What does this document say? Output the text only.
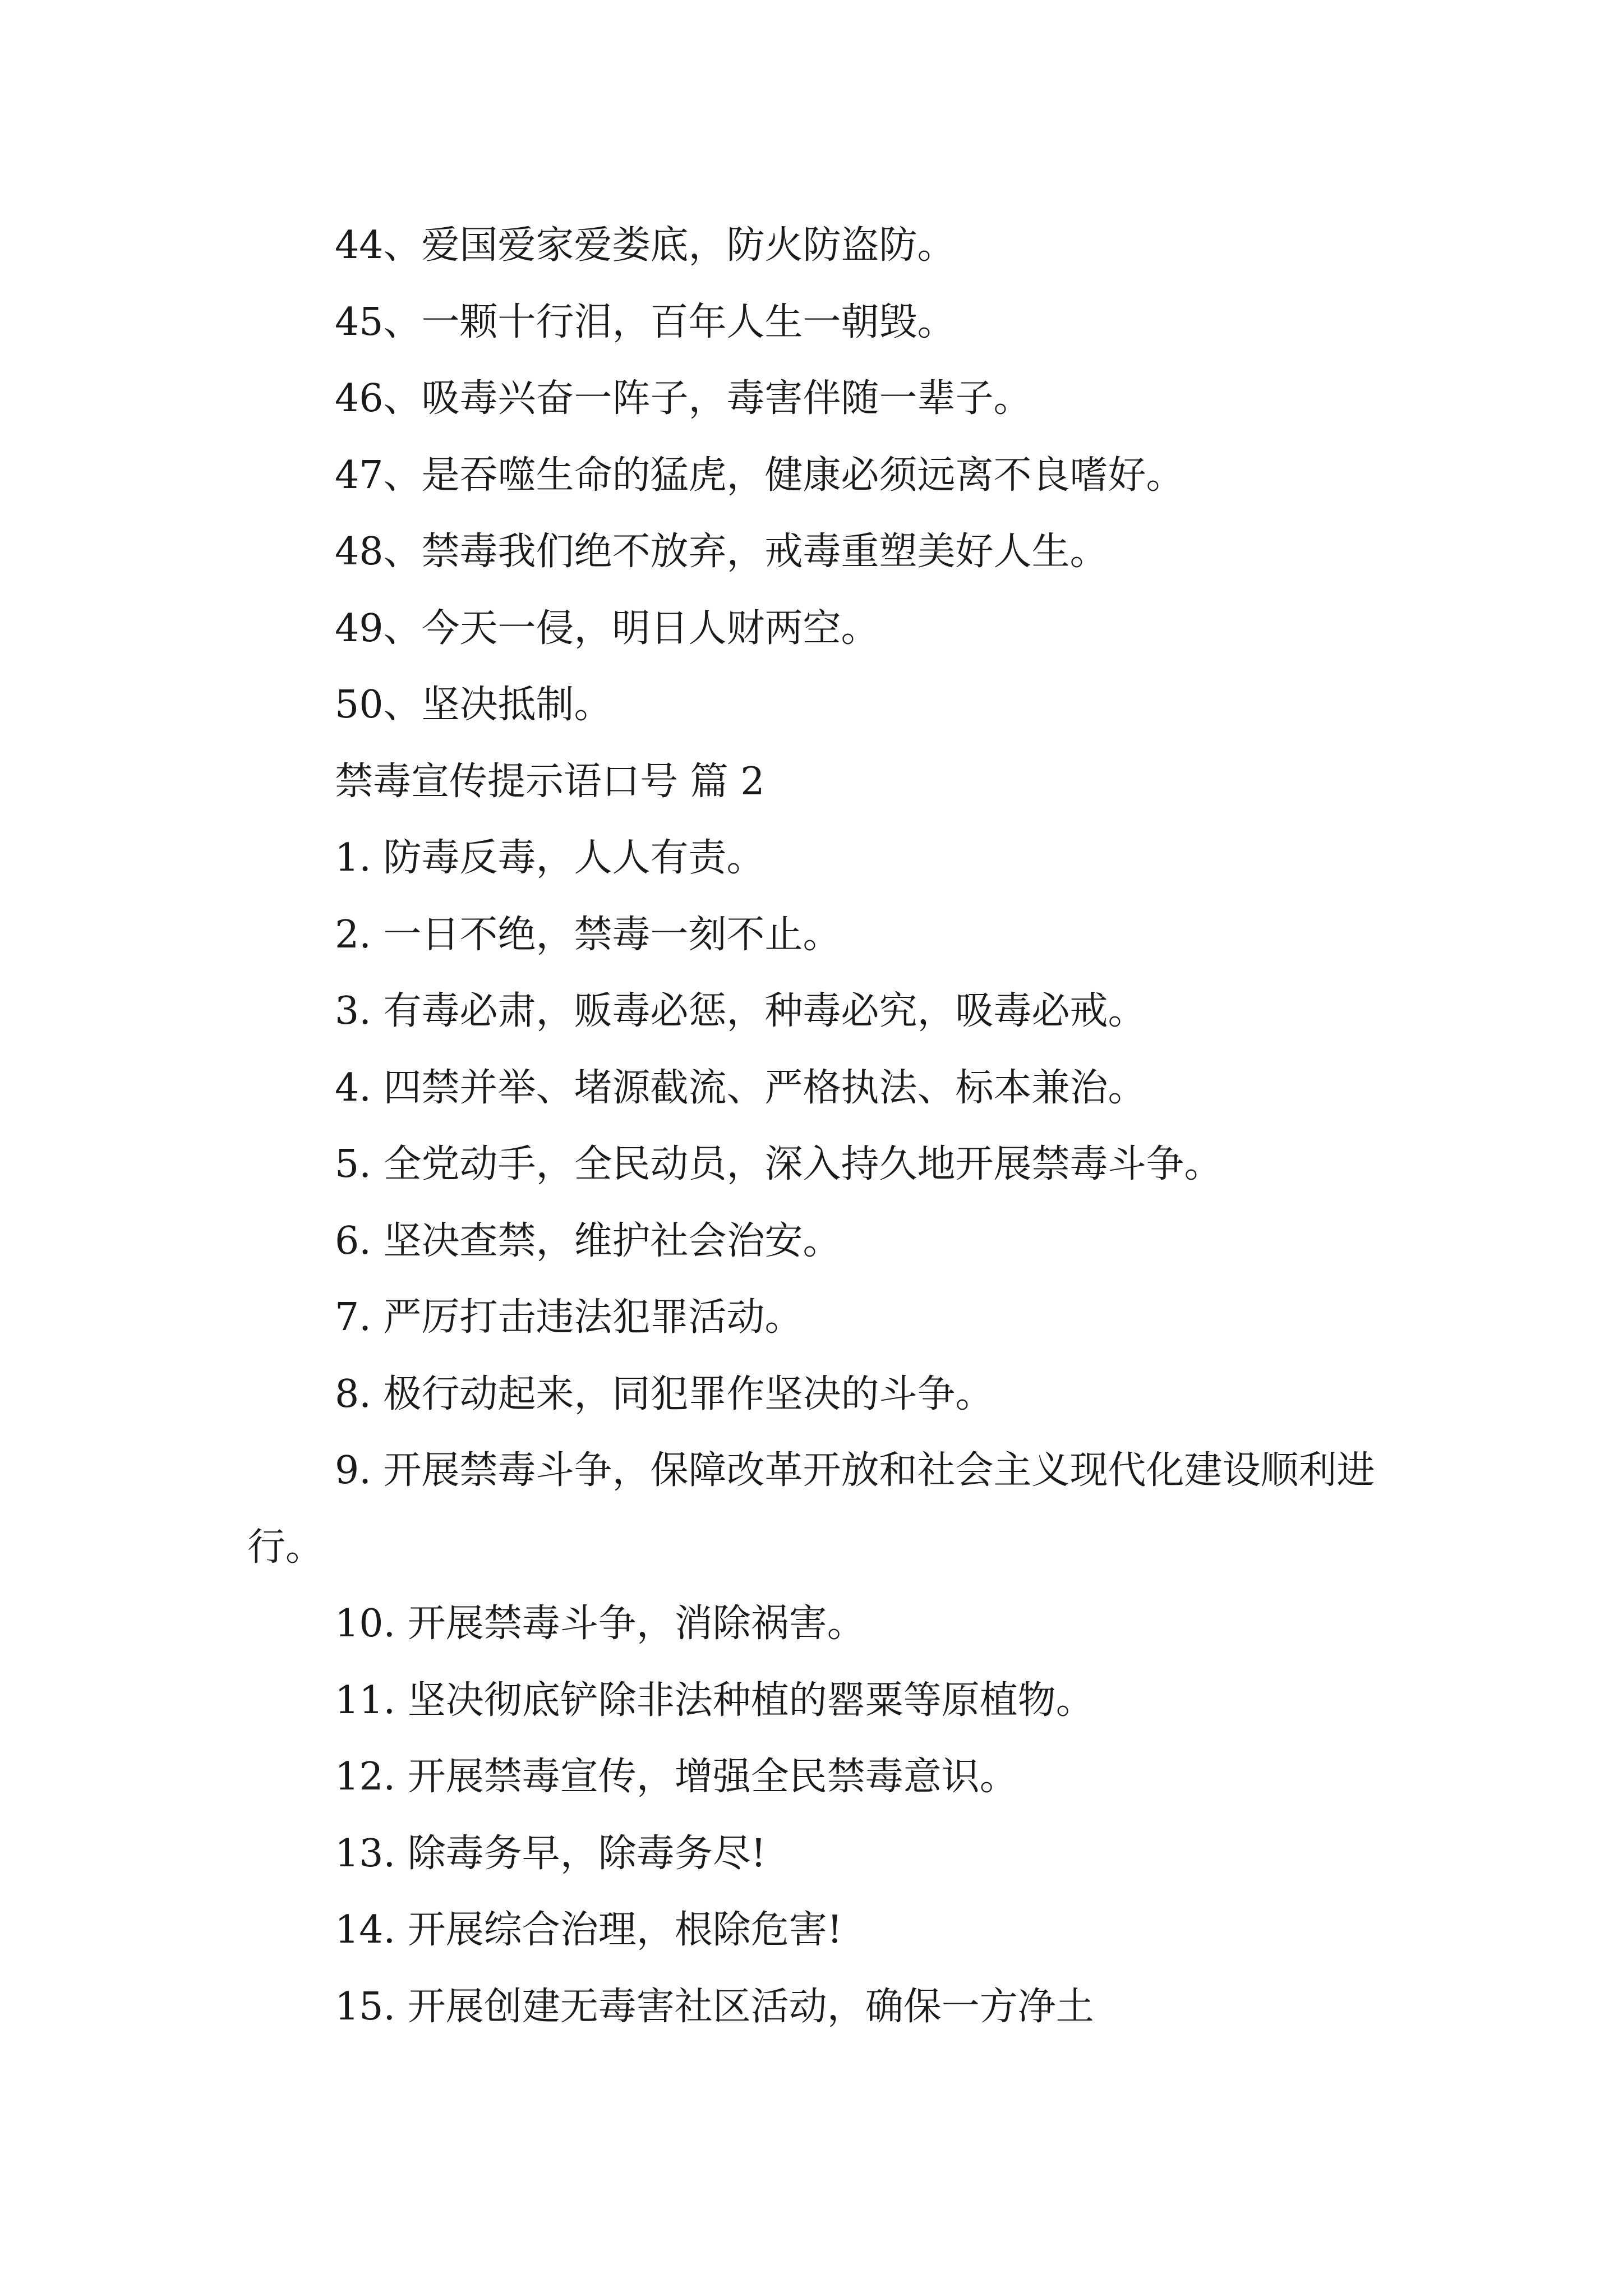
44、爱国爱家爱娄底，防火防盗防。

45、一颗十行泪，百年人生一朝毁。

46、吸毒兴奋一阵子，毒害伴随一辈子。

47、是吞噬生命的猛虎，健康必须远离不良嗜好。

48、禁毒我们绝不放弃，戒毒重塑美好人生。

49、今天一侵，明日人财两空。

50、坚决抵制。

禁毒宣传提示语口号 篇 2

1. 防毒反毒，人人有责。

2. 一日不绝，禁毒一刻不止。

3. 有毒必肃，贩毒必惩，种毒必究，吸毒必戒。

4. 四禁并举、堵源截流、严格执法、标本兼治。

5. 全党动手，全民动员，深入持久地开展禁毒斗争。

6. 坚决查禁，维护社会治安。

7. 严厉打击违法犯罪活动。

8. 极行动起来，同犯罪作坚决的斗争。

9. 开展禁毒斗争，保障改革开放和社会主义现代化建设顺利进行。

10. 开展禁毒斗争，消除祸害。

11. 坚决彻底铲除非法种植的罂粟等原植物。

12. 开展禁毒宣传，增强全民禁毒意识。

13. 除毒务早，除毒务尽!

14. 开展综合治理，根除危害!

15. 开展创建无毒害社区活动，确保一方净土
